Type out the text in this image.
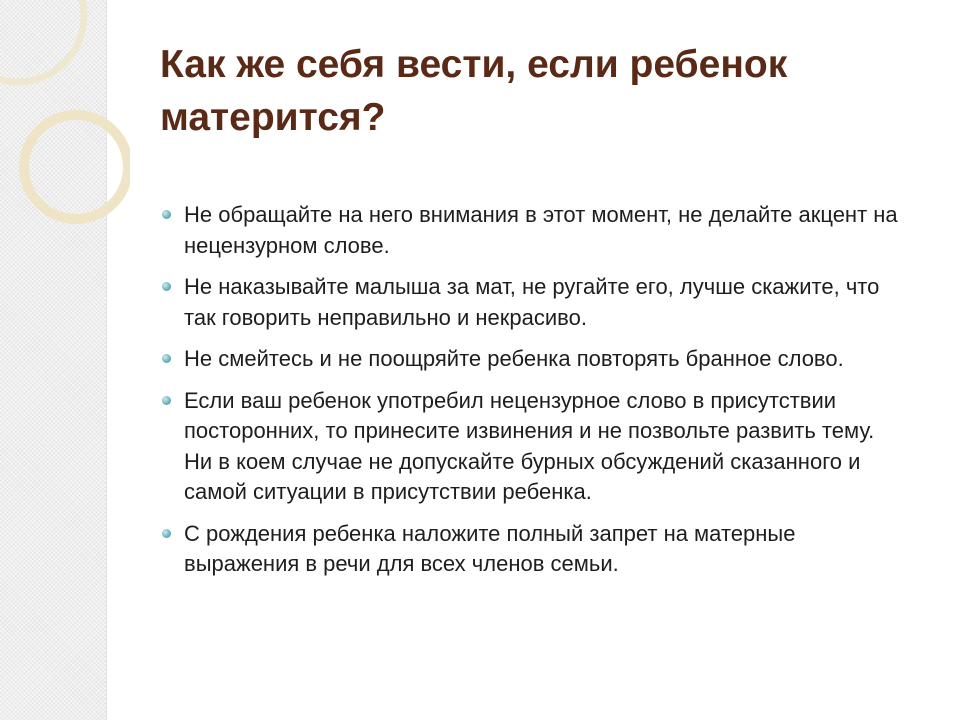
Как же себя вести, если ребенок матерится?
Не обращайте на него внимания в этот момент, не делайте акцент на нецензурном слове.
Не наказывайте малыша за мат, не ругайте его, лучше скажите, что так говорить неправильно и некрасиво.
Не смейтесь и не поощряйте ребенка повторять бранное слово.
Если ваш ребенок употребил нецензурное слово в присутствии посторонних, то принесите извинения и не позвольте развить тему. Ни в коем случае не допускайте бурных обсуждений сказанного и самой ситуации в присутствии ребенка.
С рождения ребенка наложите полный запрет на матерные выражения в речи для всех членов семьи.
